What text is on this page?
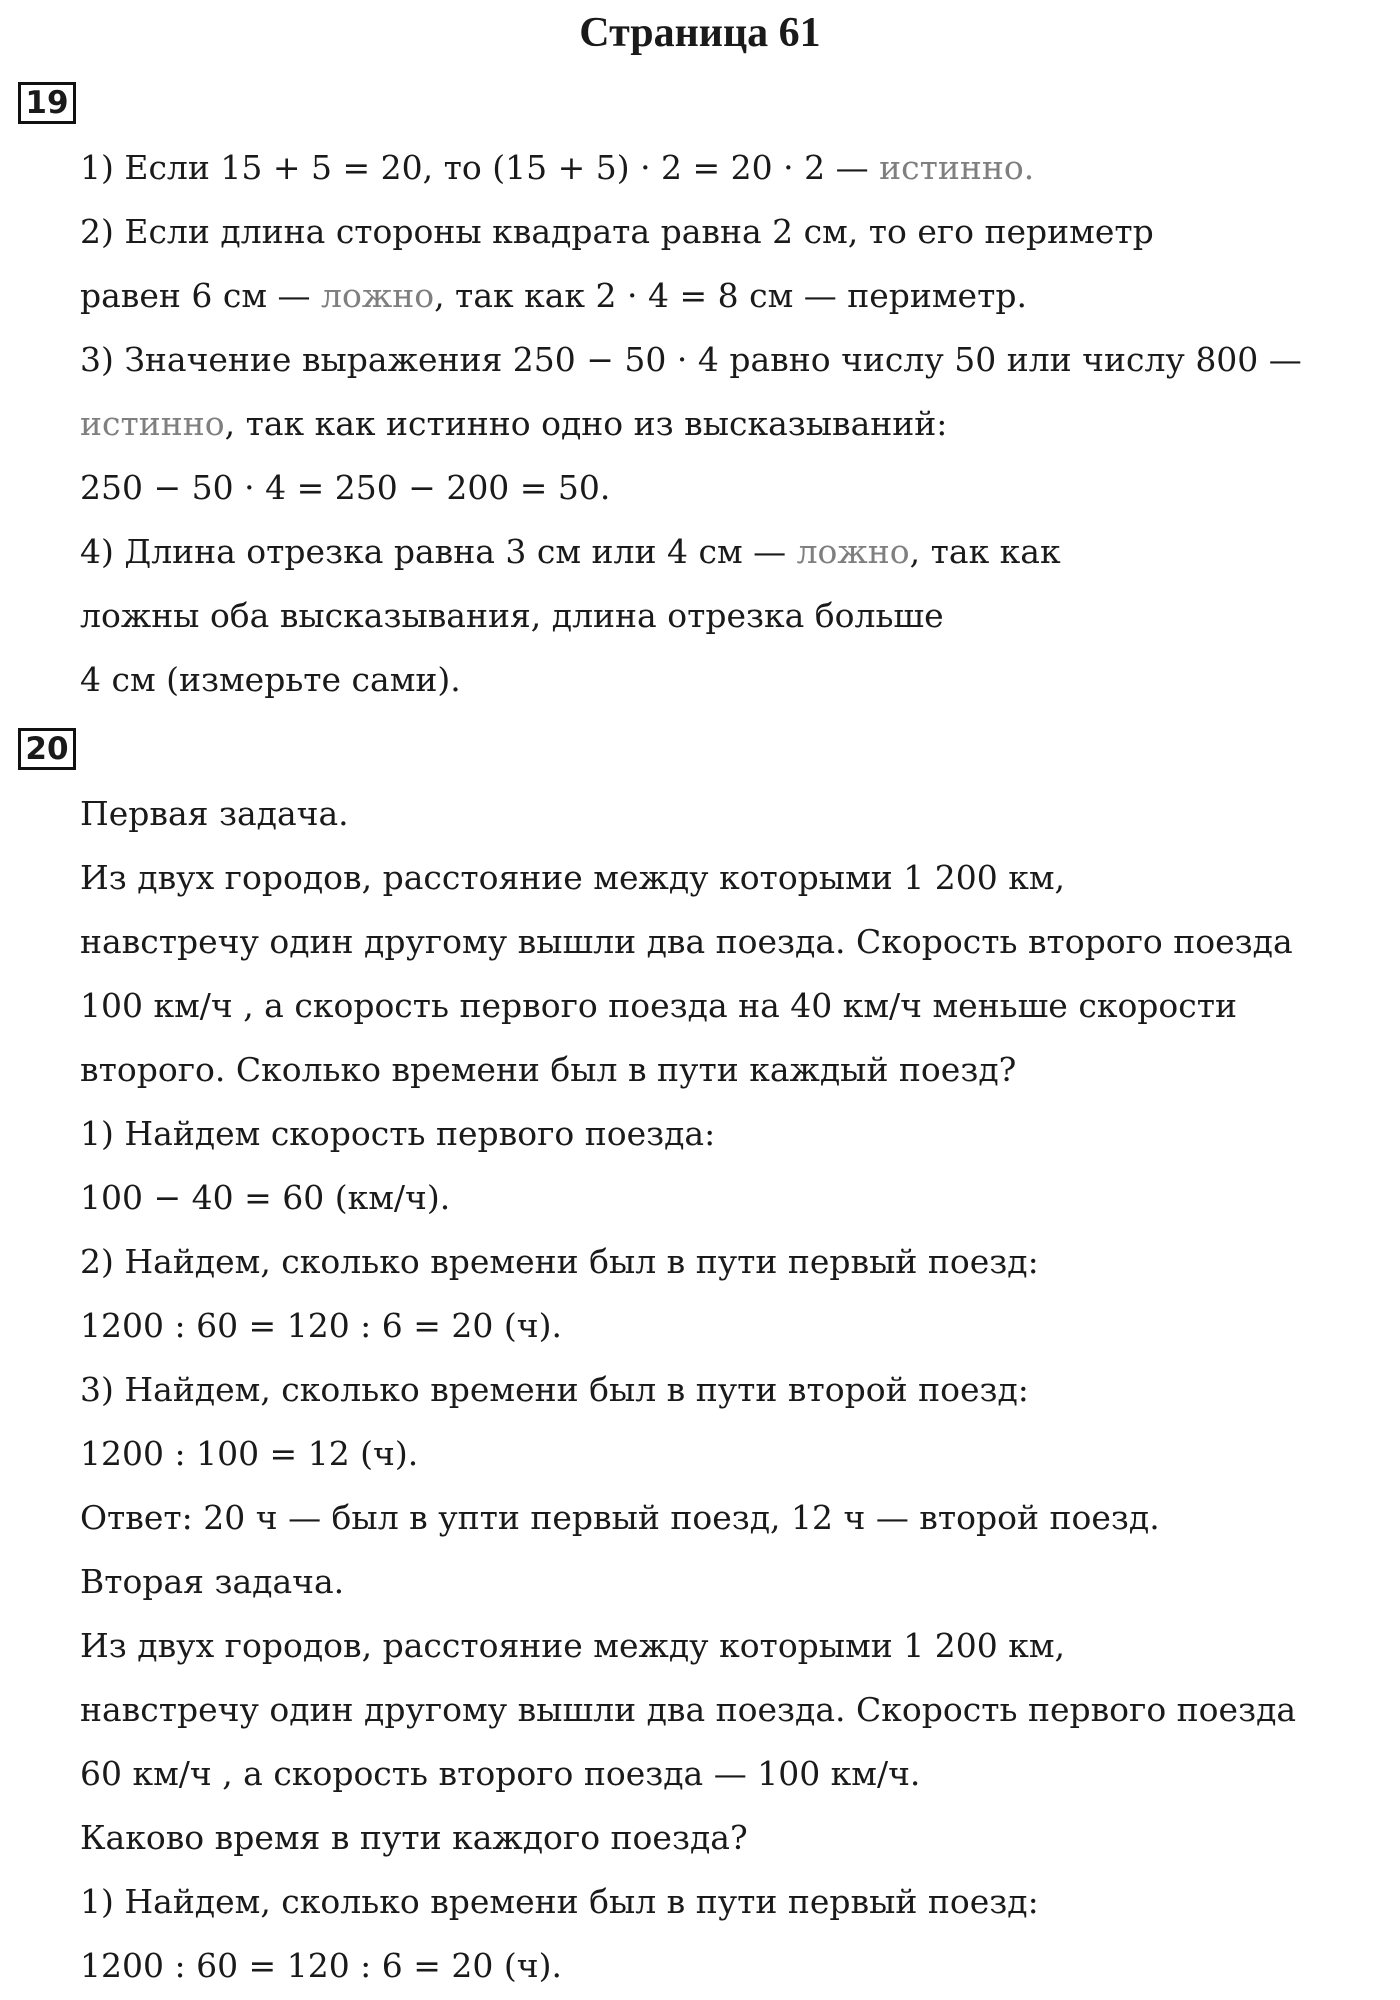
Страница 61
19
1) Если 15 + 5 = 20, то (15 + 5) · 2 = 20 · 2 — истинно.
2) Если длина стороны квадрата равна 2 см, то его периметр
равен 6 см — ложно, так как 2 · 4 = 8 см — периметр.
3) Значение выражения 250 − 50 · 4 равно числу 50 или числу 800 —
истинно, так как истинно одно из высказываний:
250 − 50 · 4 = 250 − 200 = 50.
4) Длина отрезка равна 3 см или 4 см — ложно, так как
ложны оба высказывания, длина отрезка больше
4 см (измерьте сами).
20
Первая задача.
Из двух городов, расстояние между которыми 1 200 км,
навстречу один другому вышли два поезда. Скорость второго поезда
100 км/ч , а скорость первого поезда на 40 км/ч меньше скорости
второго. Сколько времени был в пути каждый поезд?
1) Найдем скорость первого поезда:
100 − 40 = 60 (км/ч).
2) Найдем, сколько времени был в пути первый поезд:
1200 : 60 = 120 : 6 = 20 (ч).
3) Найдем, сколько времени был в пути второй поезд:
1200 : 100 = 12 (ч).
Ответ: 20 ч — был в упти первый поезд, 12 ч — второй поезд.
Вторая задача.
Из двух городов, расстояние между которыми 1 200 км,
навстречу один другому вышли два поезда. Скорость первого поезда
60 км/ч , а скорость второго поезда — 100 км/ч.
Каково время в пути каждого поезда?
1) Найдем, сколько времени был в пути первый поезд:
1200 : 60 = 120 : 6 = 20 (ч).
